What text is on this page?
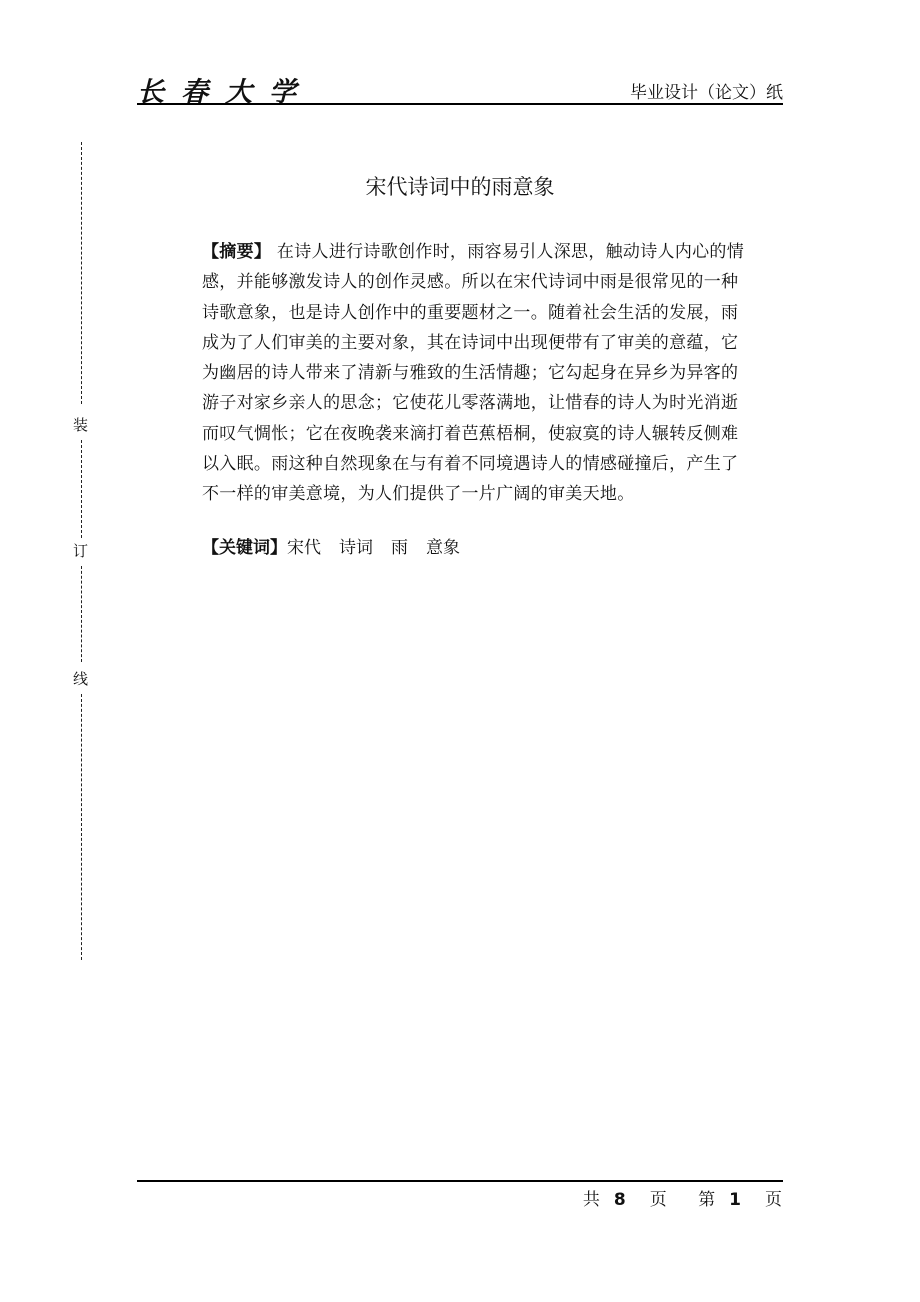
长春大学	毕业设计（论文）纸
装
订
线
宋代诗词中的雨意象
【摘要】 在诗人进行诗歌创作时，雨容易引人深思，触动诗人内心的情
感，并能够激发诗人的创作灵感。所以在宋代诗词中雨是很常见的一种
诗歌意象，也是诗人创作中的重要题材之一。随着社会生活的发展，雨
成为了人们审美的主要对象，其在诗词中出现便带有了审美的意蕴，它
为幽居的诗人带来了清新与雅致的生活情趣；它勾起身在异乡为异客的
游子对家乡亲人的思念；它使花儿零落满地，让惜春的诗人为时光消逝
而叹气惆怅；它在夜晚袭来滴打着芭蕉梧桐，使寂寞的诗人辗转反侧难
以入眠。雨这种自然现象在与有着不同境遇诗人的情感碰撞后，产生了
不一样的审美意境，为人们提供了一片广阔的审美天地。
【关键词】宋代 诗词 雨 意象
共 8 页 第 1 页
